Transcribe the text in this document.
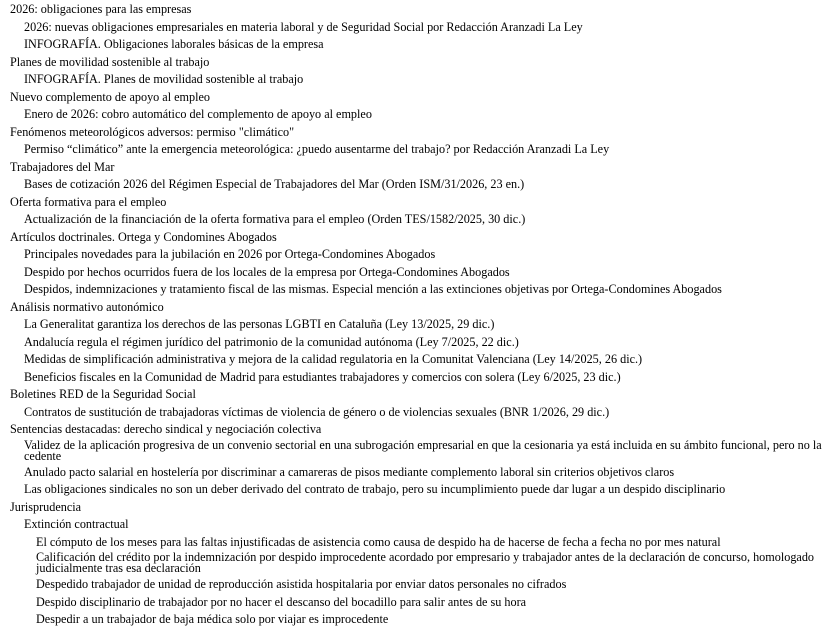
2026: obligaciones para las empresas
2026: nuevas obligaciones empresariales en materia laboral y de Seguridad Social por Redacción Aranzadi La Ley
INFOGRAFÍA. Obligaciones laborales básicas de la empresa
Planes de movilidad sostenible al trabajo
INFOGRAFÍA. Planes de movilidad sostenible al trabajo
Nuevo complemento de apoyo al empleo
Enero de 2026: cobro automático del complemento de apoyo al empleo
Fenómenos meteorológicos adversos: permiso "climático"
Permiso “climático” ante la emergencia meteorológica: ¿puedo ausentarme del trabajo? por Redacción Aranzadi La Ley
Trabajadores del Mar
Bases de cotización 2026 del Régimen Especial de Trabajadores del Mar (Orden ISM/31/2026, 23 en.)
Oferta formativa para el empleo
Actualización de la financiación de la oferta formativa para el empleo (Orden TES/1582/2025, 30 dic.)
Artículos doctrinales. Ortega y Condomines Abogados
Principales novedades para la jubilación en 2026 por Ortega-Condomines Abogados
Despido por hechos ocurridos fuera de los locales de la empresa por Ortega-Condomines Abogados
Despidos, indemnizaciones y tratamiento fiscal de las mismas. Especial mención a las extinciones objetivas por Ortega-Condomines Abogados
Análisis normativo autonómico
La Generalitat garantiza los derechos de las personas LGBTI en Cataluña (Ley 13/2025, 29 dic.)
Andalucía regula el régimen jurídico del patrimonio de la comunidad autónoma (Ley 7/2025, 22 dic.)
Medidas de simplificación administrativa y mejora de la calidad regulatoria en la Comunitat Valenciana (Ley 14/2025, 26 dic.)
Beneficios fiscales en la Comunidad de Madrid para estudiantes trabajadores y comercios con solera (Ley 6/2025, 23 dic.)
Boletines RED de la Seguridad Social
Contratos de sustitución de trabajadoras víctimas de violencia de género o de violencias sexuales (BNR 1/2026, 29 dic.)
Sentencias destacadas: derecho sindical y negociación colectiva
Validez de la aplicación progresiva de un convenio sectorial en una subrogación empresarial en que la cesionaria ya está incluida en su ámbito funcional, pero no la cedente
Anulado pacto salarial en hostelería por discriminar a camareras de pisos mediante complemento laboral sin criterios objetivos claros
Las obligaciones sindicales no son un deber derivado del contrato de trabajo, pero su incumplimiento puede dar lugar a un despido disciplinario
Jurisprudencia
Extinción contractual
El cómputo de los meses para las faltas injustificadas de asistencia como causa de despido ha de hacerse de fecha a fecha no por mes natural
Calificación del crédito por la indemnización por despido improcedente acordado por empresario y trabajador antes de la declaración de concurso, homologado judicialmente tras esa declaración
Despedido trabajador de unidad de reproducción asistida hospitalaria por enviar datos personales no cifrados
Despido disciplinario de trabajador por no hacer el descanso del bocadillo para salir antes de su hora
Despedir a un trabajador de baja médica solo por viajar es improcedente
